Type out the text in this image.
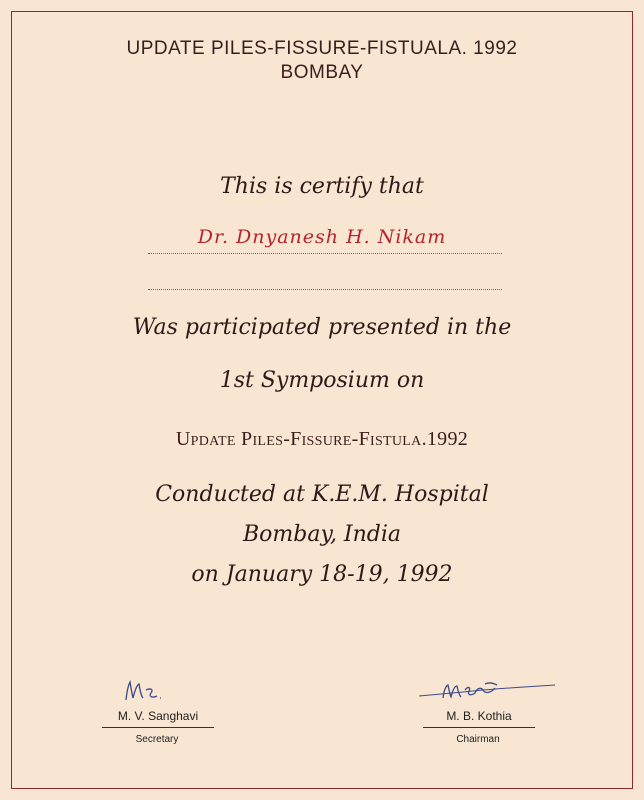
UPDATE PILES-FISSURE-FISTUALA. 1992
BOMBAY
This is certify that
Dr. Dnyanesh H. Nikam
Was participated presented in the
1st Symposium on
Update Piles-Fissure-Fistula.1992
Conducted at K.E.M. Hospital
Bombay, India
on January 18-19, 1992
M. V. Sanghavi
Secretary
M. B. Kothia
Chairman
